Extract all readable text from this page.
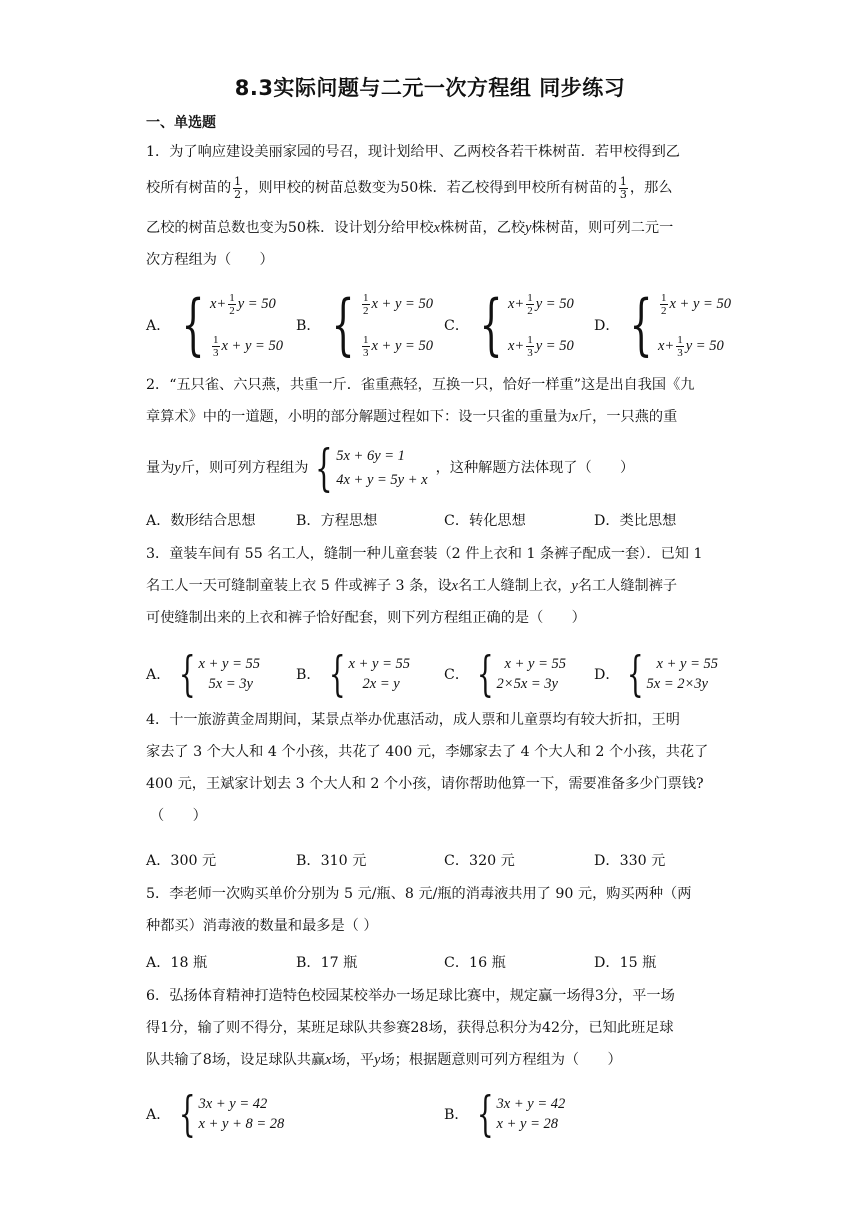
8.3实际问题与二元一次方程组 同步练习
一、单选题
1．为了响应建设美丽家园的号召，现计划给甲、乙两校各若干株树苗．若甲校得到乙
校所有树苗的 $\frac{1}{2}$ ，则甲校的树苗总数变为50株．若乙校得到甲校所有树苗的 $\frac{1}{3}$ ，那么
乙校的树苗总数也变为50株．设计划分给甲校x株树苗，乙校y株树苗，则可列二元一
次方程组为（　　）
A． { $x+ \frac{1}{2}$ y = 50
$\frac{1}{3}$ x + y = 50
B． { $\frac{1}{2}$ x + y = 50
$\frac{1}{3}$ x + y = 50
C． { $x+ \frac{1}{2}$ y = 50
$x+ \frac{1}{3}$ y = 50
D． { $\frac{1}{2}$ x + y = 50
$x+ \frac{1}{3}$ y = 50
2．“五只雀、六只燕，共重一斤．雀重燕轻，互换一只，恰好一样重”这是出自我国《九
章算术》中的一道题，小明的部分解题过程如下：设一只雀的重量为x斤，一只燕的重
量为 y 斤，则可列方程组为 { 5x + 6y = 1
4x + y = 5y + x
，这种解题方法体现了（　　）
A．数形结合思想	B．方程思想	C．转化思想	D．类比思想
3．童装车间有 55 名工人，缝制一种儿童套装（2 件上衣和 1 条裤子配成一套）．已知 1
名工人一天可缝制童装上衣 5 件或裤子 3 条，设x名工人缝制上衣，y名工人缝制裤子
可使缝制出来的上衣和裤子恰好配套，则下列方程组正确的是（　　）
A． { x + y = 55
5x = 3y
B． { x + y = 55
2x = y
C． { x + y = 55
2×5x = 3y
D． { x + y = 55
5x = 2×3y
4．十一旅游黄金周期间，某景点举办优惠活动，成人票和儿童票均有较大折扣，王明
家去了 3 个大人和 4 个小孩，共花了 400 元，李娜家去了 4 个大人和 2 个小孩，共花了
400 元，王斌家计划去 3 个大人和 2 个小孩，请你帮助他算一下，需要准备多少门票钱?
（　　）
A．300 元	B．310 元	C．320 元	D．330 元
5．李老师一次购买单价分别为 5 元/瓶、8 元/瓶的消毒液共用了 90 元，购买两种（两
种都买）消毒液的数量和最多是（ ）
A．18 瓶	B．17 瓶	C．16 瓶	D．15 瓶
6．弘扬体育精神打造特色校园某校举办一场足球比赛中，规定赢一场得3分，平一场
得1分，输了则不得分，某班足球队共参赛28场，获得总积分为42分，已知此班足球
队共输了8场，设足球队共赢x场，平y场；根据题意则可列方程组为（　　）
A． { 3x + y = 42
x + y + 8 = 28
B． { 3x + y = 42
x + y = 28
